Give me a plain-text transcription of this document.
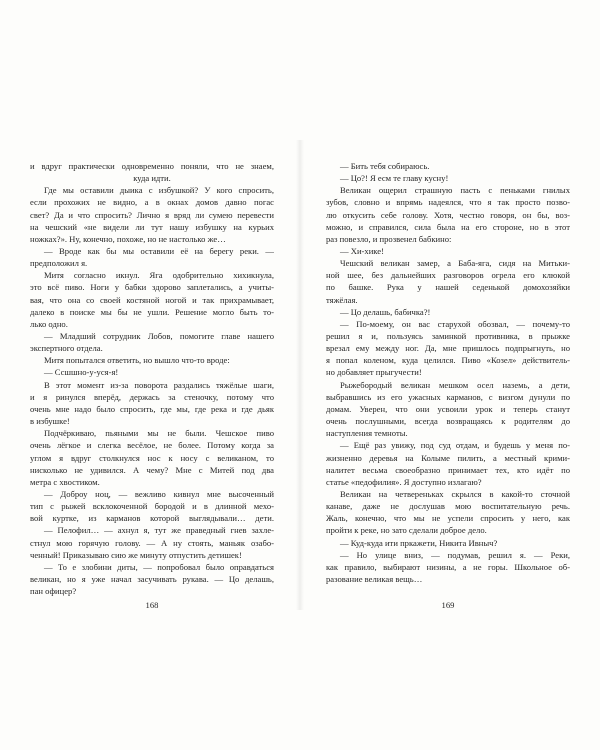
и вдруг практически одновременно поняли, что не знаем,
куда идти.
Где мы оставили дыика с избушкой? У кого спросить,
если прохожих не видно, а в окнах домов давно погас
свет? Да и что спросить? Лично я вряд ли сумею перевести
на чешский «не видели ли тут нашу избушку на курьих
ножках?». Ну, конечно, похоже, но не настолько же…
— Вроде как бы мы оставили её на берегу реки. —
предположил я.
Митя согласно икнул. Яга одобрительно хихикнула,
это всё пиво. Ноги у бабки здорово заплетались, а учиты-
вая, что она со своей костяной ногой и так прихрамывает,
далеко в поиске мы бы не ушли. Решение могло быть то-
лько одно.
— Младший сотрудник Лобов, помогите главе нашего
экспертного отдела.
Митя попытался ответить, но вышло что-то вроде:
— Ссшшно-у-уся-я!
В этот момент из-за поворота раздались тяжёлые шаги,
и я ринулся вперёд, держась за стеночку, потому что
очень мне надо было спросить, где мы, где река и где дьяк
в избушке!
Подчёркиваю, пьяными мы не были. Чешское пиво
очень лёгкое и слегка весёлое, не более. Потому когда за
углом я вдруг столкнулся нос к носу с великаном, то
нисколько не удивился. А чему? Мне с Митей под два
метра с хвостиком.
— Доброу ноц, — вежливо кивнул мне высоченный
тип с рыжей всклокоченной бородой и в длинной мехо-
вой куртке, из карманов которой выглядывали… дети.
— Пелофил… — ахнул я, тут же праведный гнев захле-
стнул мою горячую голову. — А ну стоять, маньяк озабо-
ченный! Приказываю сию же минуту отпустить детишек!
— То е злобини диты, — попробовал было оправдаться
великан, но я уже начал засучивать рукава. — Цо делашь,
пан офицер?
168
— Бить тебя собираюсь.
— Цо?! Я есм те главу кусну!
Великан ощерил страшную пасть с пеньками гнилых
зубов, словно и впрямь надеялся, что я так просто позво-
лю откусить себе голову. Хотя, честно говоря, он бы, воз-
можно, и справился, сила была на его стороне, но в этот
раз повезло, и прозвенел бабкино:
— Хи-хике!
Чешский великан замер, а Баба-яга, сидя на Митьки-
ной шее, без дальнейших разговоров огрела его клюкой
по башке. Рука у нашей седенькой домохозяйки
тяжёлая.
— Цо делашь, бабичка?!
— По-моему, он вас старухой обозвал, — почему-то
решил я и, пользуясь заминкой противника, в прыжке
врезал ему между ног. Да, мне пришлось подпрыгнуть, но
я попал коленом, куда целился. Пиво «Козел» действитель-
но добавляет прыгучести!
Рыжебородый великан мешком осел наземь, а дети,
выбравшись из его ужасных карманов, с визгом дунули по
домам. Уверен, что они усвоили урок и теперь станут
очень послушными, всегда возвращаясь к родителям до
наступления темноты.
— Ещё раз увижу, под суд отдам, и будешь у меня по-
жизненно деревья на Колыме пилить, а местный крими-
налитет весьма своеобразно принимает тех, кто идёт по
статье «педофилия». Я доступно излагаю?
Великан на четвереньках скрылся в какой-то сточной
канаве, даже не дослушав мою воспитательную речь.
Жаль, конечно, что мы не успели спросить у него, как
пройти к реке, но зато сделали доброе дело.
— Куд-куда ити пркажети, Никита Ивныч?
— Но улице вниз, — подумав, решил я. — Реки,
как правило, выбирают низины, а не горы. Школьное об-
разование великая вещь…
169
